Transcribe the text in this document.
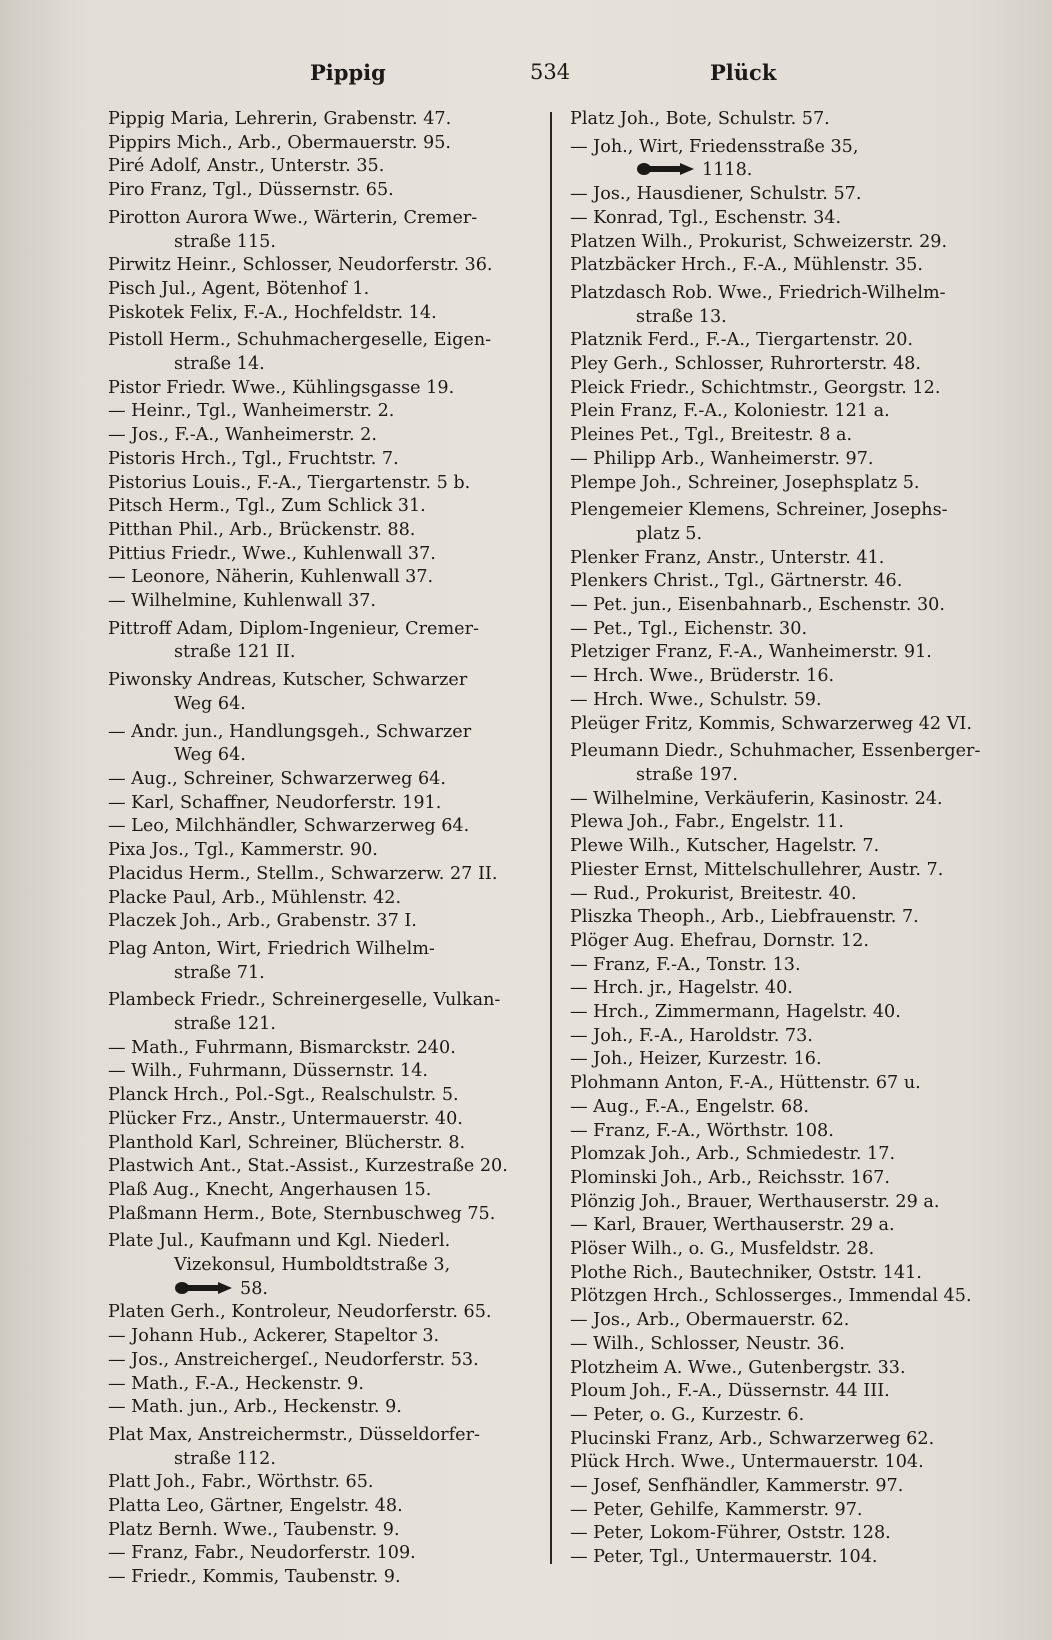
Pippig	534	Plück
Pippig Maria, Lehrerin, Grabenstr. 47.
Pippirs Mich., Arb., Obermauerstr. 95.
Piré Adolf, Anstr., Unterstr. 35.
Piro Franz, Tgl., Düssernstr. 65.
Pirotton Aurora Wwe., Wärterin, Cremer-
straße 115.
Pirwitz Heinr., Schlosser, Neudorferstr. 36.
Pisch Jul., Agent, Bötenhof 1.
Piskotek Felix, F.-A., Hochfeldstr. 14.
Pistoll Herm., Schuhmachergeselle, Eigen-
straße 14.
Pistor Friedr. Wwe., Kühlingsgasse 19.
— Heinr., Tgl., Wanheimerstr. 2.
— Jos., F.-A., Wanheimerstr. 2.
Pistoris Hrch., Tgl., Fruchtstr. 7.
Pistorius Louis., F.-A., Tiergartenstr. 5 b.
Pitsch Herm., Tgl., Zum Schlick 31.
Pitthan Phil., Arb., Brückenstr. 88.
Pittius Friedr., Wwe., Kuhlenwall 37.
— Leonore, Näherin, Kuhlenwall 37.
— Wilhelmine, Kuhlenwall 37.
Pittroff Adam, Diplom-Ingenieur, Cremer-
straße 121 II.
Piwonsky Andreas, Kutscher, Schwarzer
Weg 64.
— Andr. jun., Handlungsgeh., Schwarzer
Weg 64.
— Aug., Schreiner, Schwarzerweg 64.
— Karl, Schaffner, Neudorferstr. 191.
— Leo, Milchhändler, Schwarzerweg 64.
Pixa Jos., Tgl., Kammerstr. 90.
Placidus Herm., Stellm., Schwarzerw. 27 II.
Placke Paul, Arb., Mühlenstr. 42.
Placzek Joh., Arb., Grabenstr. 37 I.
Plag Anton, Wirt, Friedrich Wilhelm-
straße 71.
Plambeck Friedr., Schreinergeselle, Vulkan-
straße 121.
— Math., Fuhrmann, Bismarckstr. 240.
— Wilh., Fuhrmann, Düssernstr. 14.
Planck Hrch., Pol.-Sgt., Realschulstr. 5.
Plücker Frz., Anstr., Untermauerstr. 40.
Planthold Karl, Schreiner, Blücherstr. 8.
Plastwich Ant., Stat.-Assist., Kurzestraße 20.
Plaß Aug., Knecht, Angerhausen 15.
Plaßmann Herm., Bote, Sternbuschweg 75.
Plate Jul., Kaufmann und Kgl. Niederl.
Vizekonsul, Humboldtstraße 3,
58.
Platen Gerh., Kontroleur, Neudorferstr. 65.
— Johann Hub., Ackerer, Stapeltor 3.
— Jos., Anstreichergeſ., Neudorferstr. 53.
— Math., F.-A., Heckenstr. 9.
— Math. jun., Arb., Heckenstr. 9.
Plat Max, Anstreichermstr., Düsseldorfer-
straße 112.
Platt Joh., Fabr., Wörthstr. 65.
Platta Leo, Gärtner, Engelstr. 48.
Platz Bernh. Wwe., Taubenstr. 9.
— Franz, Fabr., Neudorferstr. 109.
— Friedr., Kommis, Taubenstr. 9.
Platz Joh., Bote, Schulstr. 57.
— Joh., Wirt, Friedensstraße 35,
1118.
— Jos., Hausdiener, Schulstr. 57.
— Konrad, Tgl., Eschenstr. 34.
Platzen Wilh., Prokurist, Schweizerstr. 29.
Platzbäcker Hrch., F.-A., Mühlenstr. 35.
Platzdasch Rob. Wwe., Friedrich-Wilhelm-
straße 13.
Platznik Ferd., F.-A., Tiergartenstr. 20.
Pley Gerh., Schlosser, Ruhrorterstr. 48.
Pleick Friedr., Schichtmstr., Georgstr. 12.
Plein Franz, F.-A., Koloniestr. 121 a.
Pleines Pet., Tgl., Breitestr. 8 a.
— Philipp Arb., Wanheimerstr. 97.
Plempe Joh., Schreiner, Josephsplatz 5.
Plengemeier Klemens, Schreiner, Josephs-
platz 5.
Plenker Franz, Anstr., Unterstr. 41.
Plenkers Christ., Tgl., Gärtnerstr. 46.
— Pet. jun., Eisenbahnarb., Eschenstr. 30.
— Pet., Tgl., Eichenstr. 30.
Pletziger Franz, F.-A., Wanheimerstr. 91.
— Hrch. Wwe., Brüderstr. 16.
— Hrch. Wwe., Schulstr. 59.
Pleüger Fritz, Kommis, Schwarzerweg 42 VI.
Pleumann Diedr., Schuhmacher, Essenberger-
straße 197.
— Wilhelmine, Verkäuferin, Kasinostr. 24.
Plewa Joh., Fabr., Engelstr. 11.
Plewe Wilh., Kutscher, Hagelstr. 7.
Pliester Ernst, Mittelschullehrer, Austr. 7.
— Rud., Prokurist, Breitestr. 40.
Pliszka Theoph., Arb., Liebfrauenstr. 7.
Plöger Aug. Ehefrau, Dornstr. 12.
— Franz, F.-A., Tonstr. 13.
— Hrch. jr., Hagelstr. 40.
— Hrch., Zimmermann, Hagelstr. 40.
— Joh., F.-A., Haroldstr. 73.
— Joh., Heizer, Kurzestr. 16.
Plohmann Anton, F.-A., Hüttenstr. 67 u.
— Aug., F.-A., Engelstr. 68.
— Franz, F.-A., Wörthstr. 108.
Plomzak Joh., Arb., Schmiedestr. 17.
Plominski Joh., Arb., Reichsstr. 167.
Plönzig Joh., Brauer, Werthauserstr. 29 a.
— Karl, Brauer, Werthauserstr. 29 a.
Plöser Wilh., o. G., Musfeldstr. 28.
Plothe Rich., Bautechniker, Oststr. 141.
Plötzgen Hrch., Schlosserges., Immendal 45.
— Jos., Arb., Obermauerstr. 62.
— Wilh., Schlosser, Neustr. 36.
Plotzheim A. Wwe., Gutenbergstr. 33.
Ploum Joh., F.-A., Düssernstr. 44 III.
— Peter, o. G., Kurzestr. 6.
Plucinski Franz, Arb., Schwarzerweg 62.
Plück Hrch. Wwe., Untermauerstr. 104.
— Josef, Senfhändler, Kammerstr. 97.
— Peter, Gehilfe, Kammerstr. 97.
— Peter, Lokom-Führer, Oststr. 128.
— Peter, Tgl., Untermauerstr. 104.
